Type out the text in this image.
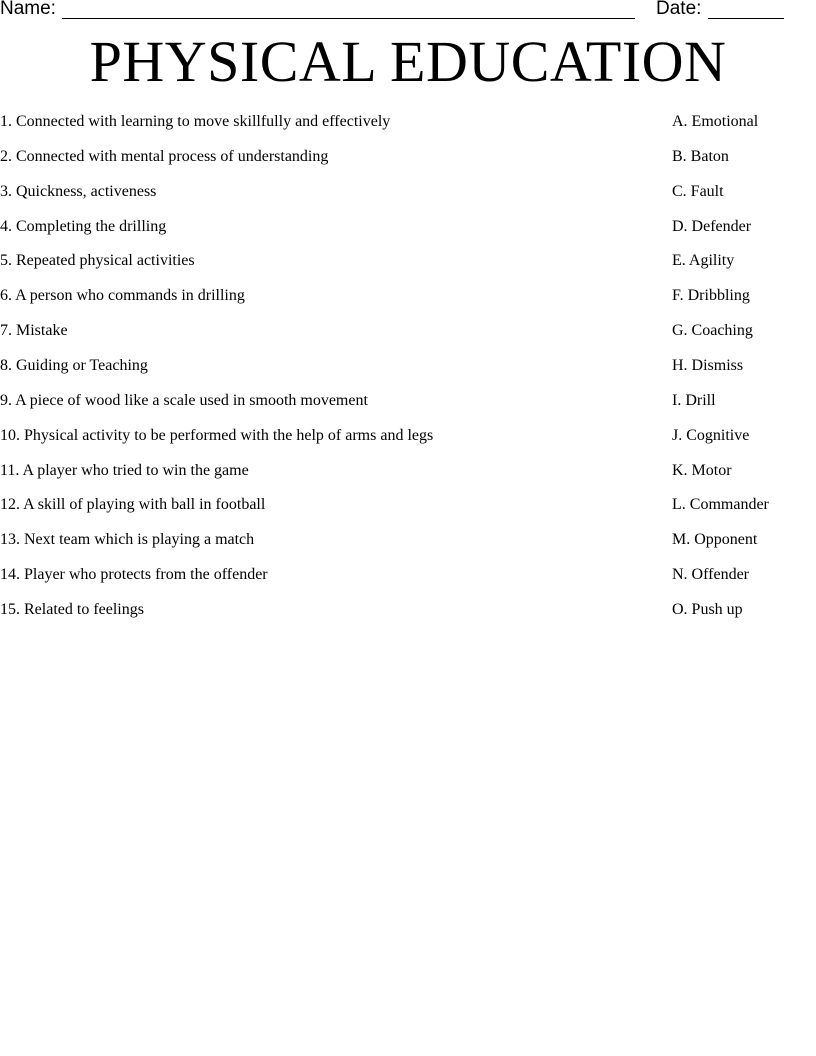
Name:	Date:
PHYSICAL EDUCATION
1. Connected with learning to move skillfully and effectively	A. Emotional
2. Connected with mental process of understanding	B. Baton
3. Quickness, activeness	C. Fault
4. Completing the drilling	D. Defender
5. Repeated physical activities	E. Agility
6. A person who commands in drilling	F. Dribbling
7. Mistake	G. Coaching
8. Guiding or Teaching	H. Dismiss
9. A piece of wood like a scale used in smooth movement	I. Drill
10. Physical activity to be performed with the help of arms and legs	J. Cognitive
11. A player who tried to win the game	K. Motor
12. A skill of playing with ball in football	L. Commander
13. Next team which is playing a match	M. Opponent
14. Player who protects from the offender	N. Offender
15. Related to feelings	O. Push up
